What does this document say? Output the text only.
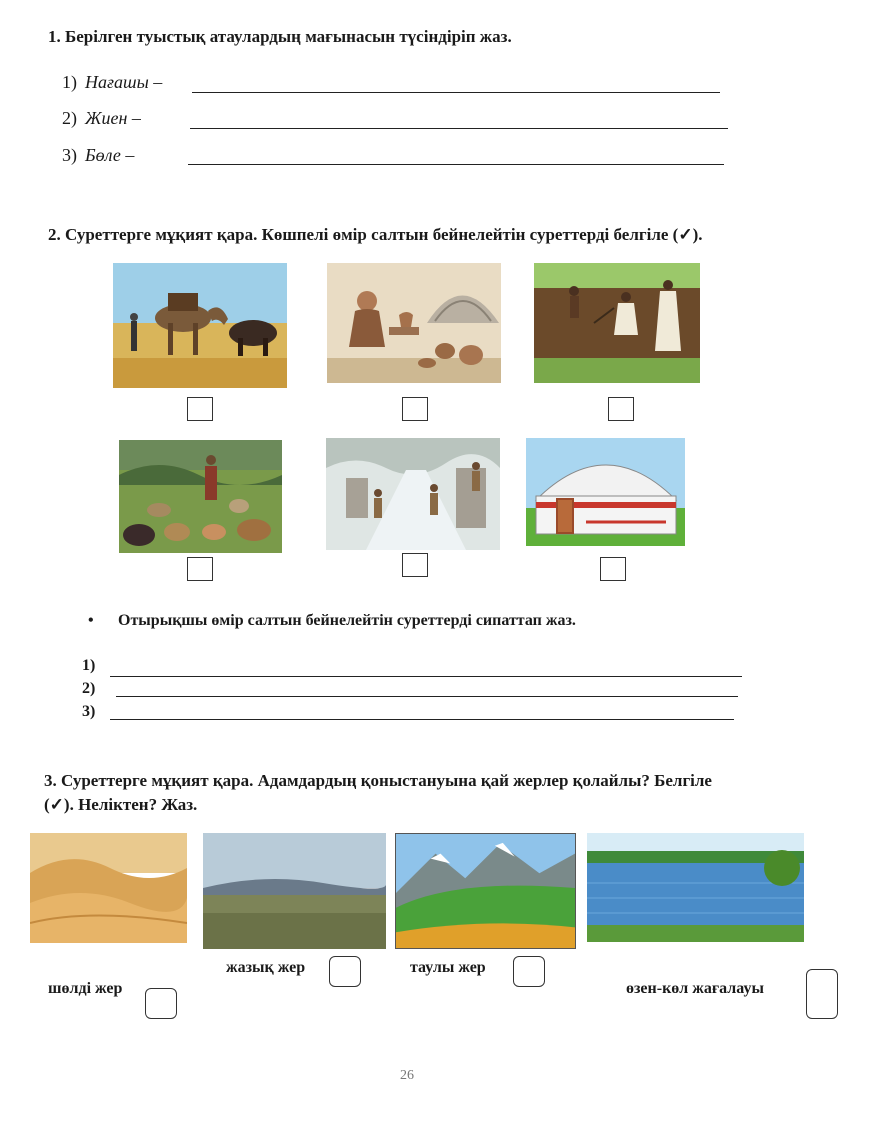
1. Берілген туыстық атаулардың мағынасын түсіндіріп жаз.
1) Нағашы –
2) Жиен –
3) Бөле –
2. Суреттерге мұқият қара. Көшпелі өмір салтын бейнелейтін суреттерді белгіле (✓).
• Отырықшы өмір салтын бейнелейтін суреттерді сипаттап жаз.
1)
2)
3)
3. Суреттерге мұқият қара. Адамдардың қоныстануына қай жерлер қолайлы? Белгіле
(✓). Неліктен? Жаз.
шөлді жер
жазық жер	таулы жер
өзен-көл жағалауы
26
